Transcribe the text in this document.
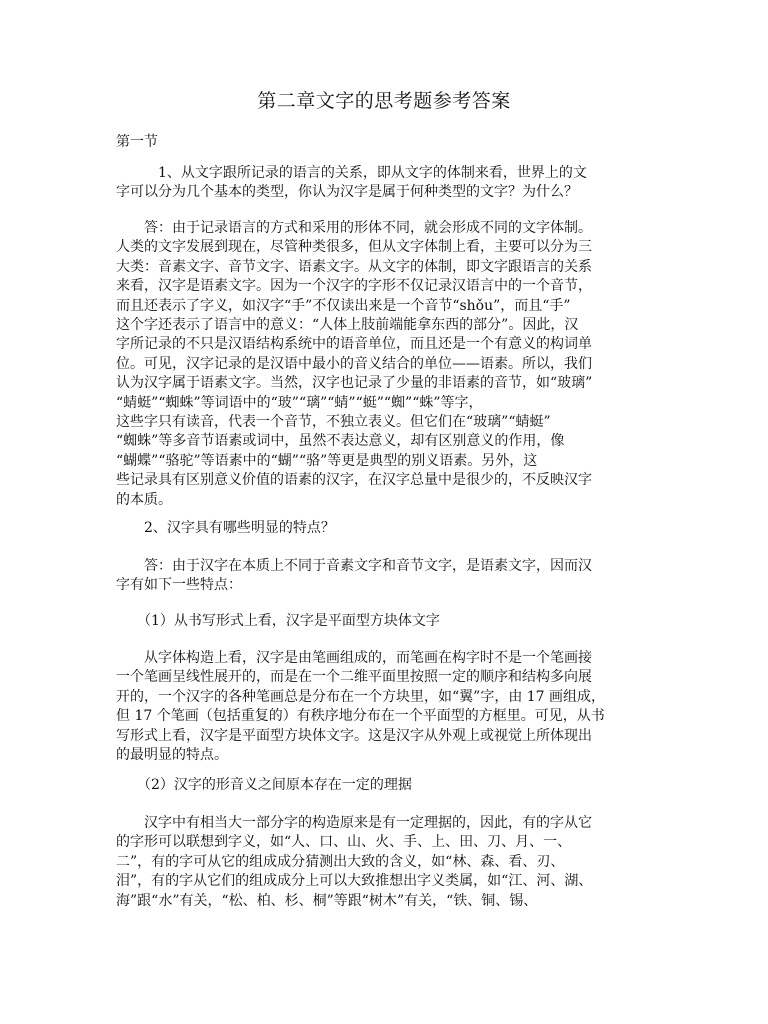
第二章文字的思考题参考答案
第一节
　　　1、从文字跟所记录的语言的关系，即从文字的体制来看，世界上的文
字可以分为几个基本的类型，你认为汉字是属于何种类型的文字？为什么？
　　答：由于记录语言的方式和采用的形体不同，就会形成不同的文字体制。
人类的文字发展到现在，尽管种类很多，但从文字体制上看，主要可以分为三
大类：音素文字、音节文字、语素文字。从文字的体制，即文字跟语言的关系
来看，汉字是语素文字。因为一个汉字的字形不仅记录汉语言中的一个音节，
而且还表示了字义，如汉字“手”不仅读出来是一个音节“shǒu”，而且“手”
这个字还表示了语言中的意义：“人体上肢前端能拿东西的部分”。因此，汉
字所记录的不只是汉语结构系统中的语音单位，而且还是一个有意义的构词单
位。可见，汉字记录的是汉语中最小的音义结合的单位——语素。所以，我们
认为汉字属于语素文字。当然，汉字也记录了少量的非语素的音节，如“玻璃”
“蜻蜓”“蜘蛛”等词语中的“玻”“璃”“蜻”“蜓”“蜘”“蛛”等字，
这些字只有读音，代表一个音节，不独立表义。但它们在“玻璃”“蜻蜓”
“蜘蛛”等多音节语素或词中，虽然不表达意义，却有区别意义的作用，像
“蝴蝶”“骆驼”等语素中的“蝴”“骆”等更是典型的别义语素。另外，这
些记录具有区别意义价值的语素的汉字，在汉字总量中是很少的，不反映汉字
的本质。
　　2、汉字具有哪些明显的特点？
　　答：由于汉字在本质上不同于音素文字和音节文字，是语素文字，因而汉
字有如下一些特点：
　　（1）从书写形式上看，汉字是平面型方块体文字
　　从字体构造上看，汉字是由笔画组成的，而笔画在构字时不是一个笔画接
一个笔画呈线性展开的，而是在一个二维平面里按照一定的顺序和结构多向展
开的，一个汉字的各种笔画总是分布在一个方块里，如“翼”字，由 17 画组成，
但 17 个笔画（包括重复的）有秩序地分布在一个平面型的方框里。可见，从书
写形式上看，汉字是平面型方块体文字。这是汉字从外观上或视觉上所体现出
的最明显的特点。
　　（2）汉字的形音义之间原本存在一定的理据
　　汉字中有相当大一部分字的构造原来是有一定理据的，因此，有的字从它
的字形可以联想到字义，如“人、口、山、火、手、上、田、刀、月、一、
二”，有的字可从它的组成成分猜测出大致的含义，如“林、森、看、刃、
泪”，有的字从它们的组成成分上可以大致推想出字义类属，如“江、河、湖、
海”跟“水”有关，“松、柏、杉、桐”等跟“树木”有关，“铁、铜、锡、
